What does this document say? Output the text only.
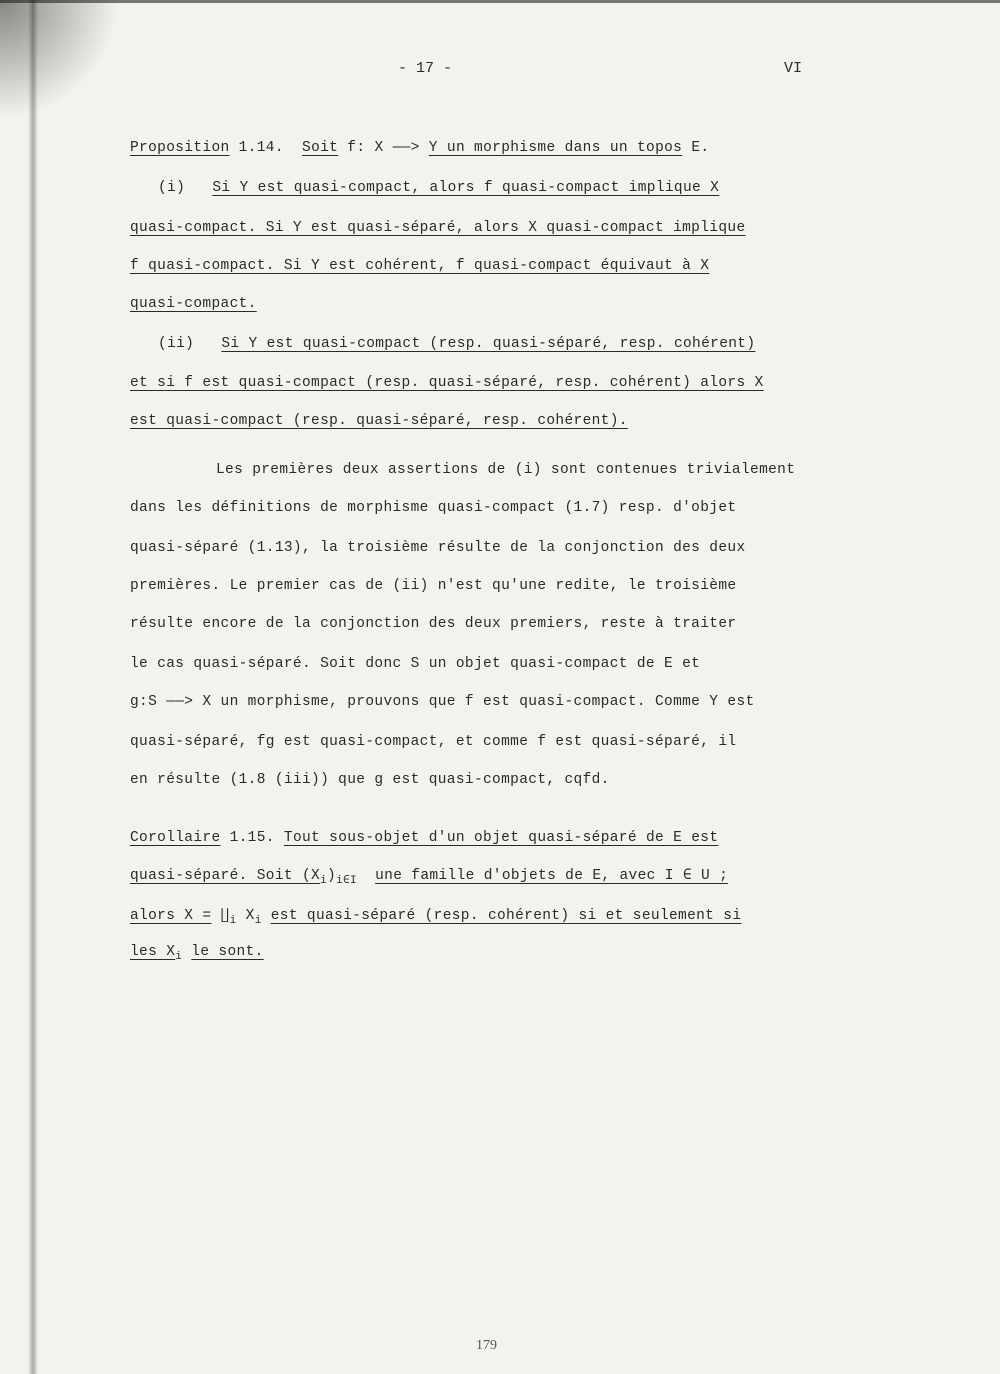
- 17 -	VI
Proposition 1.14. Soit f: X ——> Y un morphisme dans un topos E.
(i) Si Y est quasi-compact, alors f quasi-compact implique X
quasi-compact. Si Y est quasi-séparé, alors X quasi-compact implique
f quasi-compact. Si Y est cohérent, f quasi-compact équivaut à X
quasi-compact.
(ii) Si Y est quasi-compact (resp. quasi-séparé, resp. cohérent)
et si f est quasi-compact (resp. quasi-séparé, resp. cohérent) alors X
est quasi-compact (resp. quasi-séparé, resp. cohérent).
Les premières deux assertions de (i) sont contenues trivialement
dans les définitions de morphisme quasi-compact (1.7) resp. d'objet
quasi-séparé (1.13), la troisième résulte de la conjonction des deux
premières. Le premier cas de (ii) n'est qu'une redite, le troisième
résulte encore de la conjonction des deux premiers, reste à traiter
le cas quasi-séparé. Soit donc S un objet quasi-compact de E et
g:S ——> X un morphisme, prouvons que f est quasi-compact. Comme Y est
quasi-séparé, fg est quasi-compact, et comme f est quasi-séparé, il
en résulte (1.8 (iii)) que g est quasi-compact, cqfd.
Corollaire 1.15. Tout sous-objet d'un objet quasi-séparé de E est
quasi-séparé. Soit $(X_i)_{i\in I}$ une famille d'objets de E, avec I ∈ U ;
alors $X = ∐_i$ $X_i$ est quasi-séparé (resp. cohérent) si et seulement si
les $X_i$ le sont.
179
